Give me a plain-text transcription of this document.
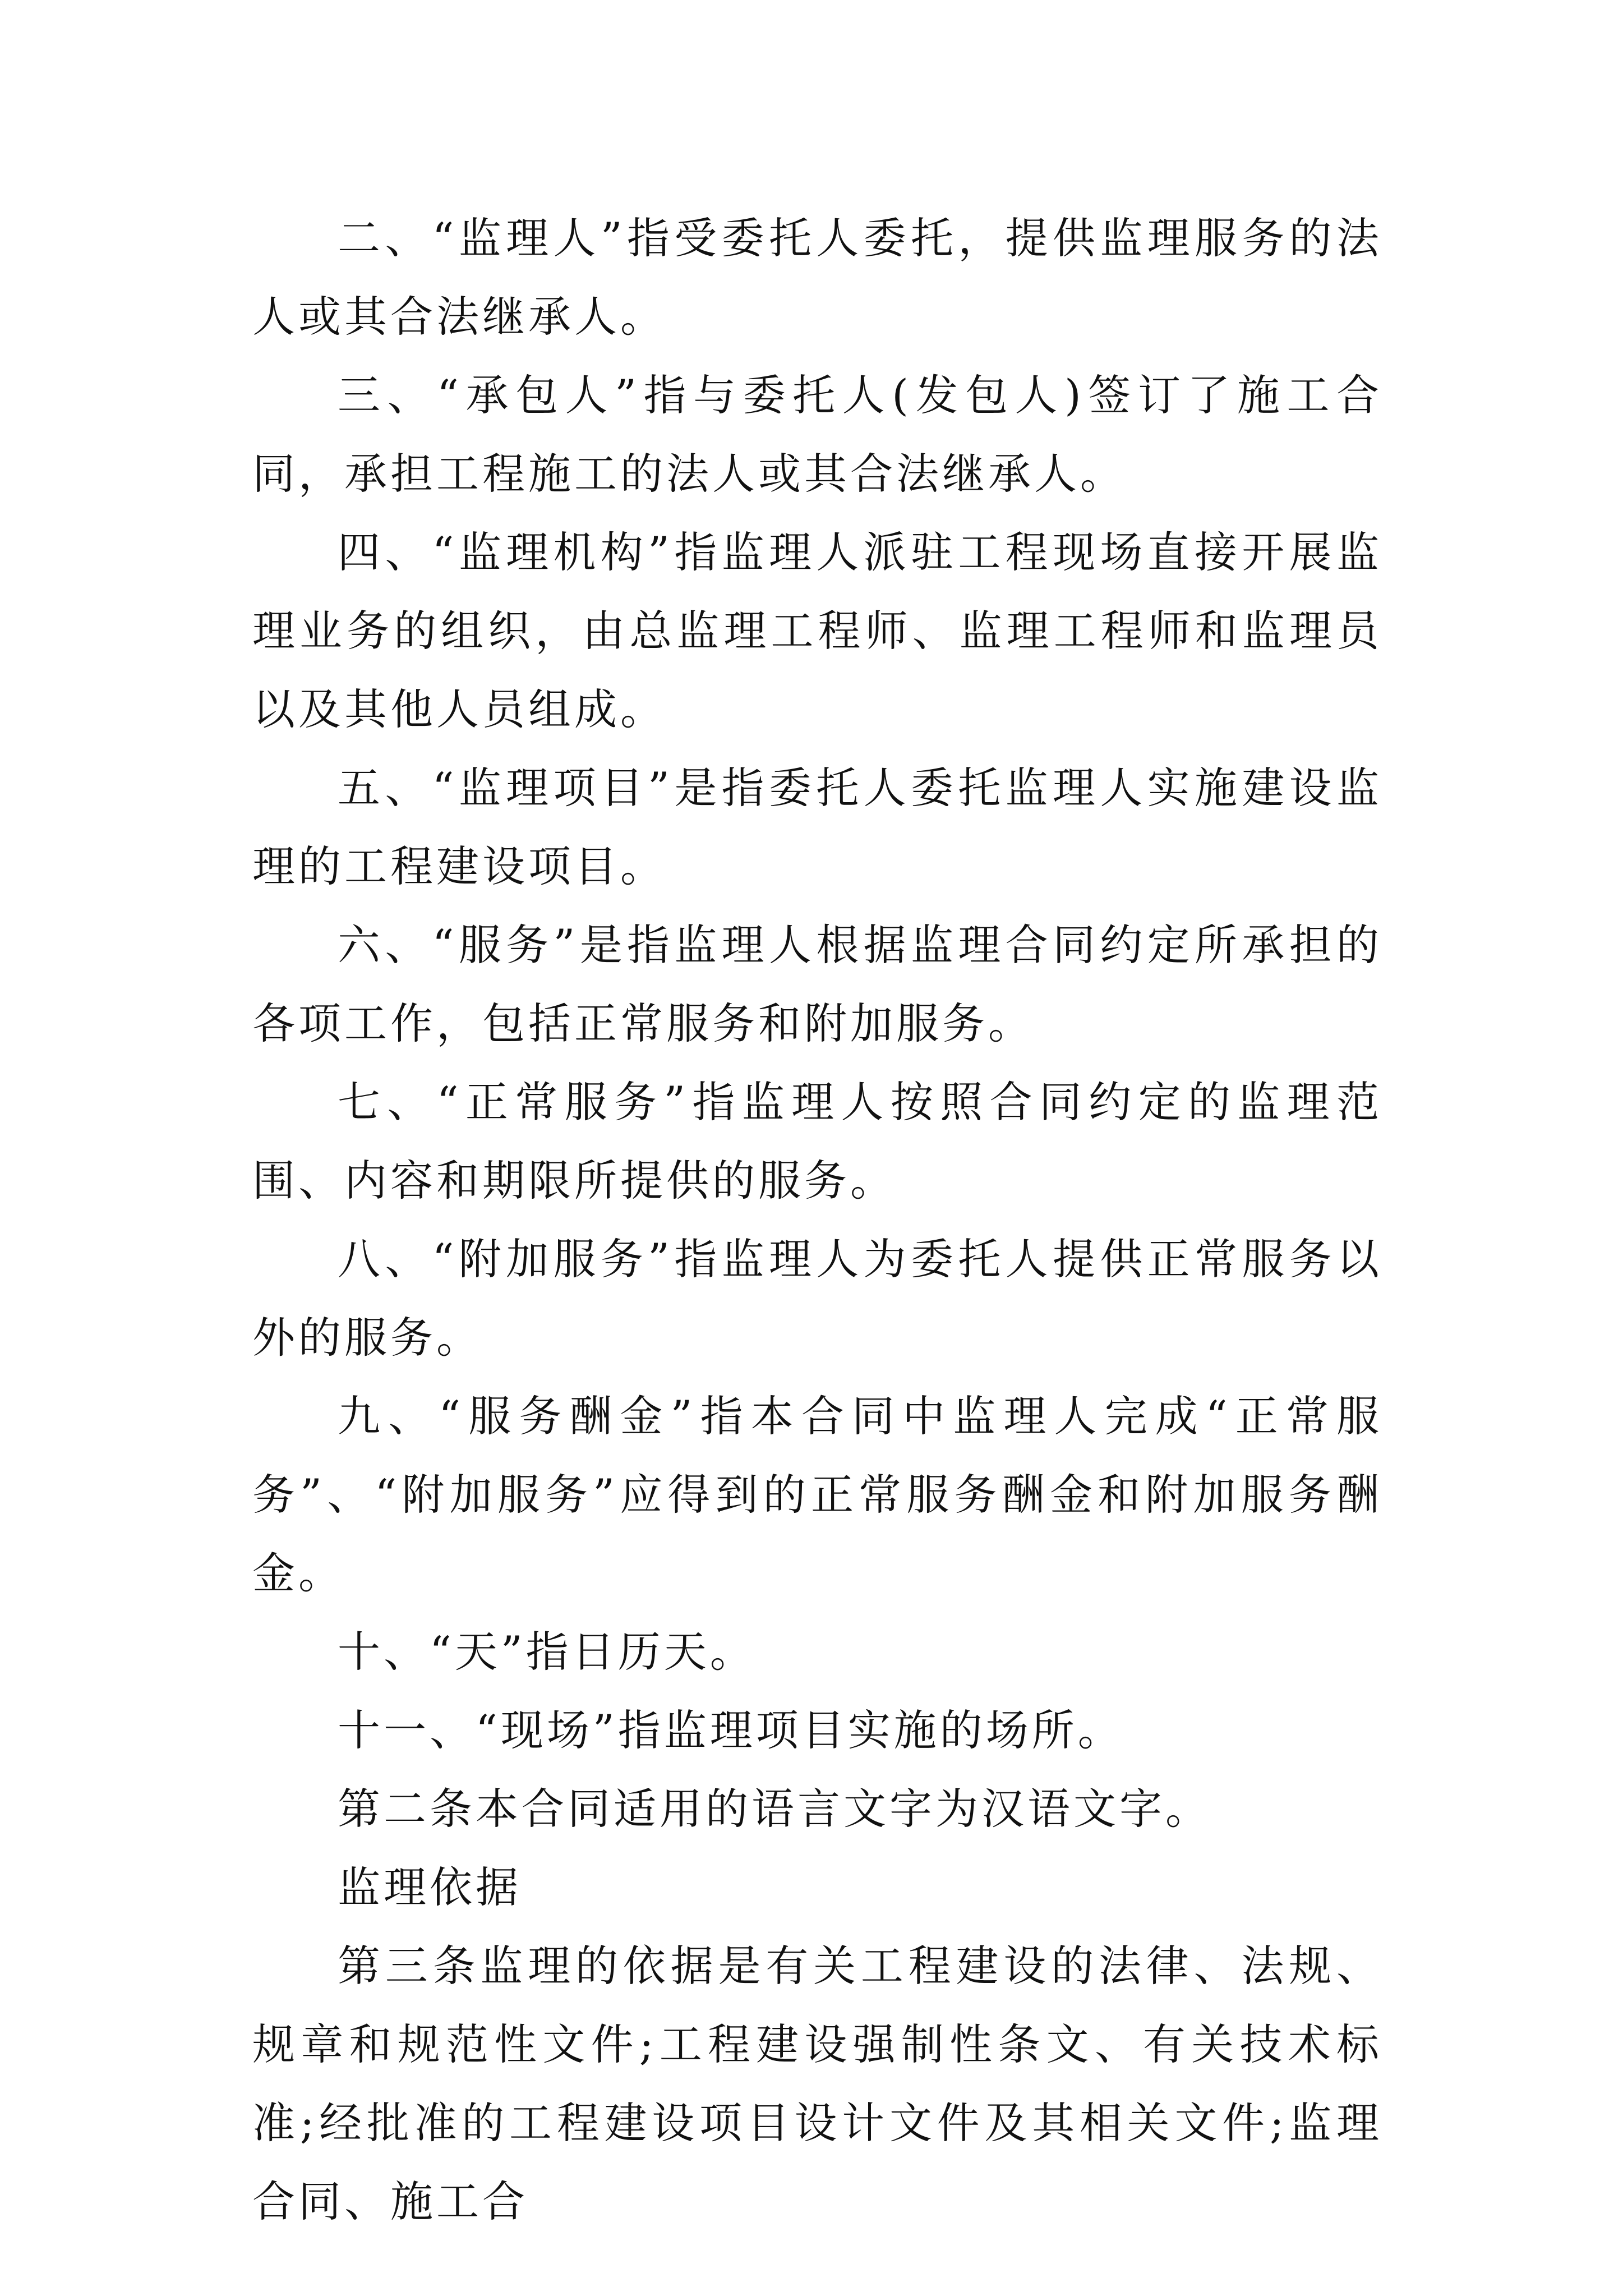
二、“监理人”指受委托人委托，提供监理服务的法人或其合法继承人。

三、“承包人”指与委托人(发包人)签订了施工合同，承担工程施工的法人或其合法继承人。

四、“监理机构”指监理人派驻工程现场直接开展监理业务的组织，由总监理工程师、监理工程师和监理员以及其他人员组成。

五、“监理项目”是指委托人委托监理人实施建设监理的工程建设项目。

六、“服务”是指监理人根据监理合同约定所承担的各项工作，包括正常服务和附加服务。

七、“正常服务”指监理人按照合同约定的监理范围、内容和期限所提供的服务。

八、“附加服务”指监理人为委托人提供正常服务以外的服务。

九、“服务酬金”指本合同中监理人完成“正常服务”、“附加服务”应得到的正常服务酬金和附加服务酬金。

十、“天”指日历天。

十一、“现场”指监理项目实施的场所。

第二条本合同适用的语言文字为汉语文字。

监理依据

第三条监理的依据是有关工程建设的法律、法规、规章和规范性文件;工程建设强制性条文、有关技术标准;经批准的工程建设项目设计文件及其相关文件;监理合同、施工合
